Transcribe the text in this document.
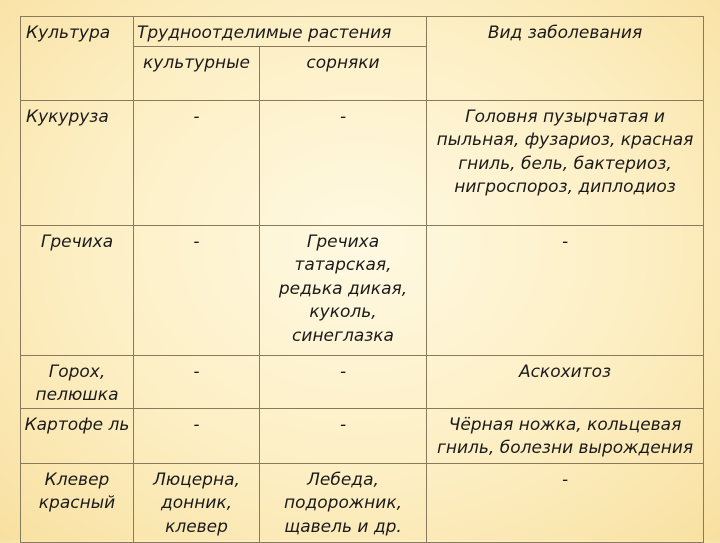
Культура	Трудноотделимые растения		Вид заболевания
	культурные	сорняки	
Кукуруза	-	-	Головня пузырчатая и пыльная, фузариоз, красная гниль, бель, бактериоз, нигроспороз, диплодиоз
Гречиха	-	Гречиха татарская, редька дикая, куколь, синеглазка	-
Горох, пелюшка	-	-	Аскохитоз
Картофе ль	-	-	Чёрная ножка, кольцевая гниль, болезни вырождения
Клевер красный	Люцерна, донник, клевер	Лебеда, подорожник, щавель и др.	-
